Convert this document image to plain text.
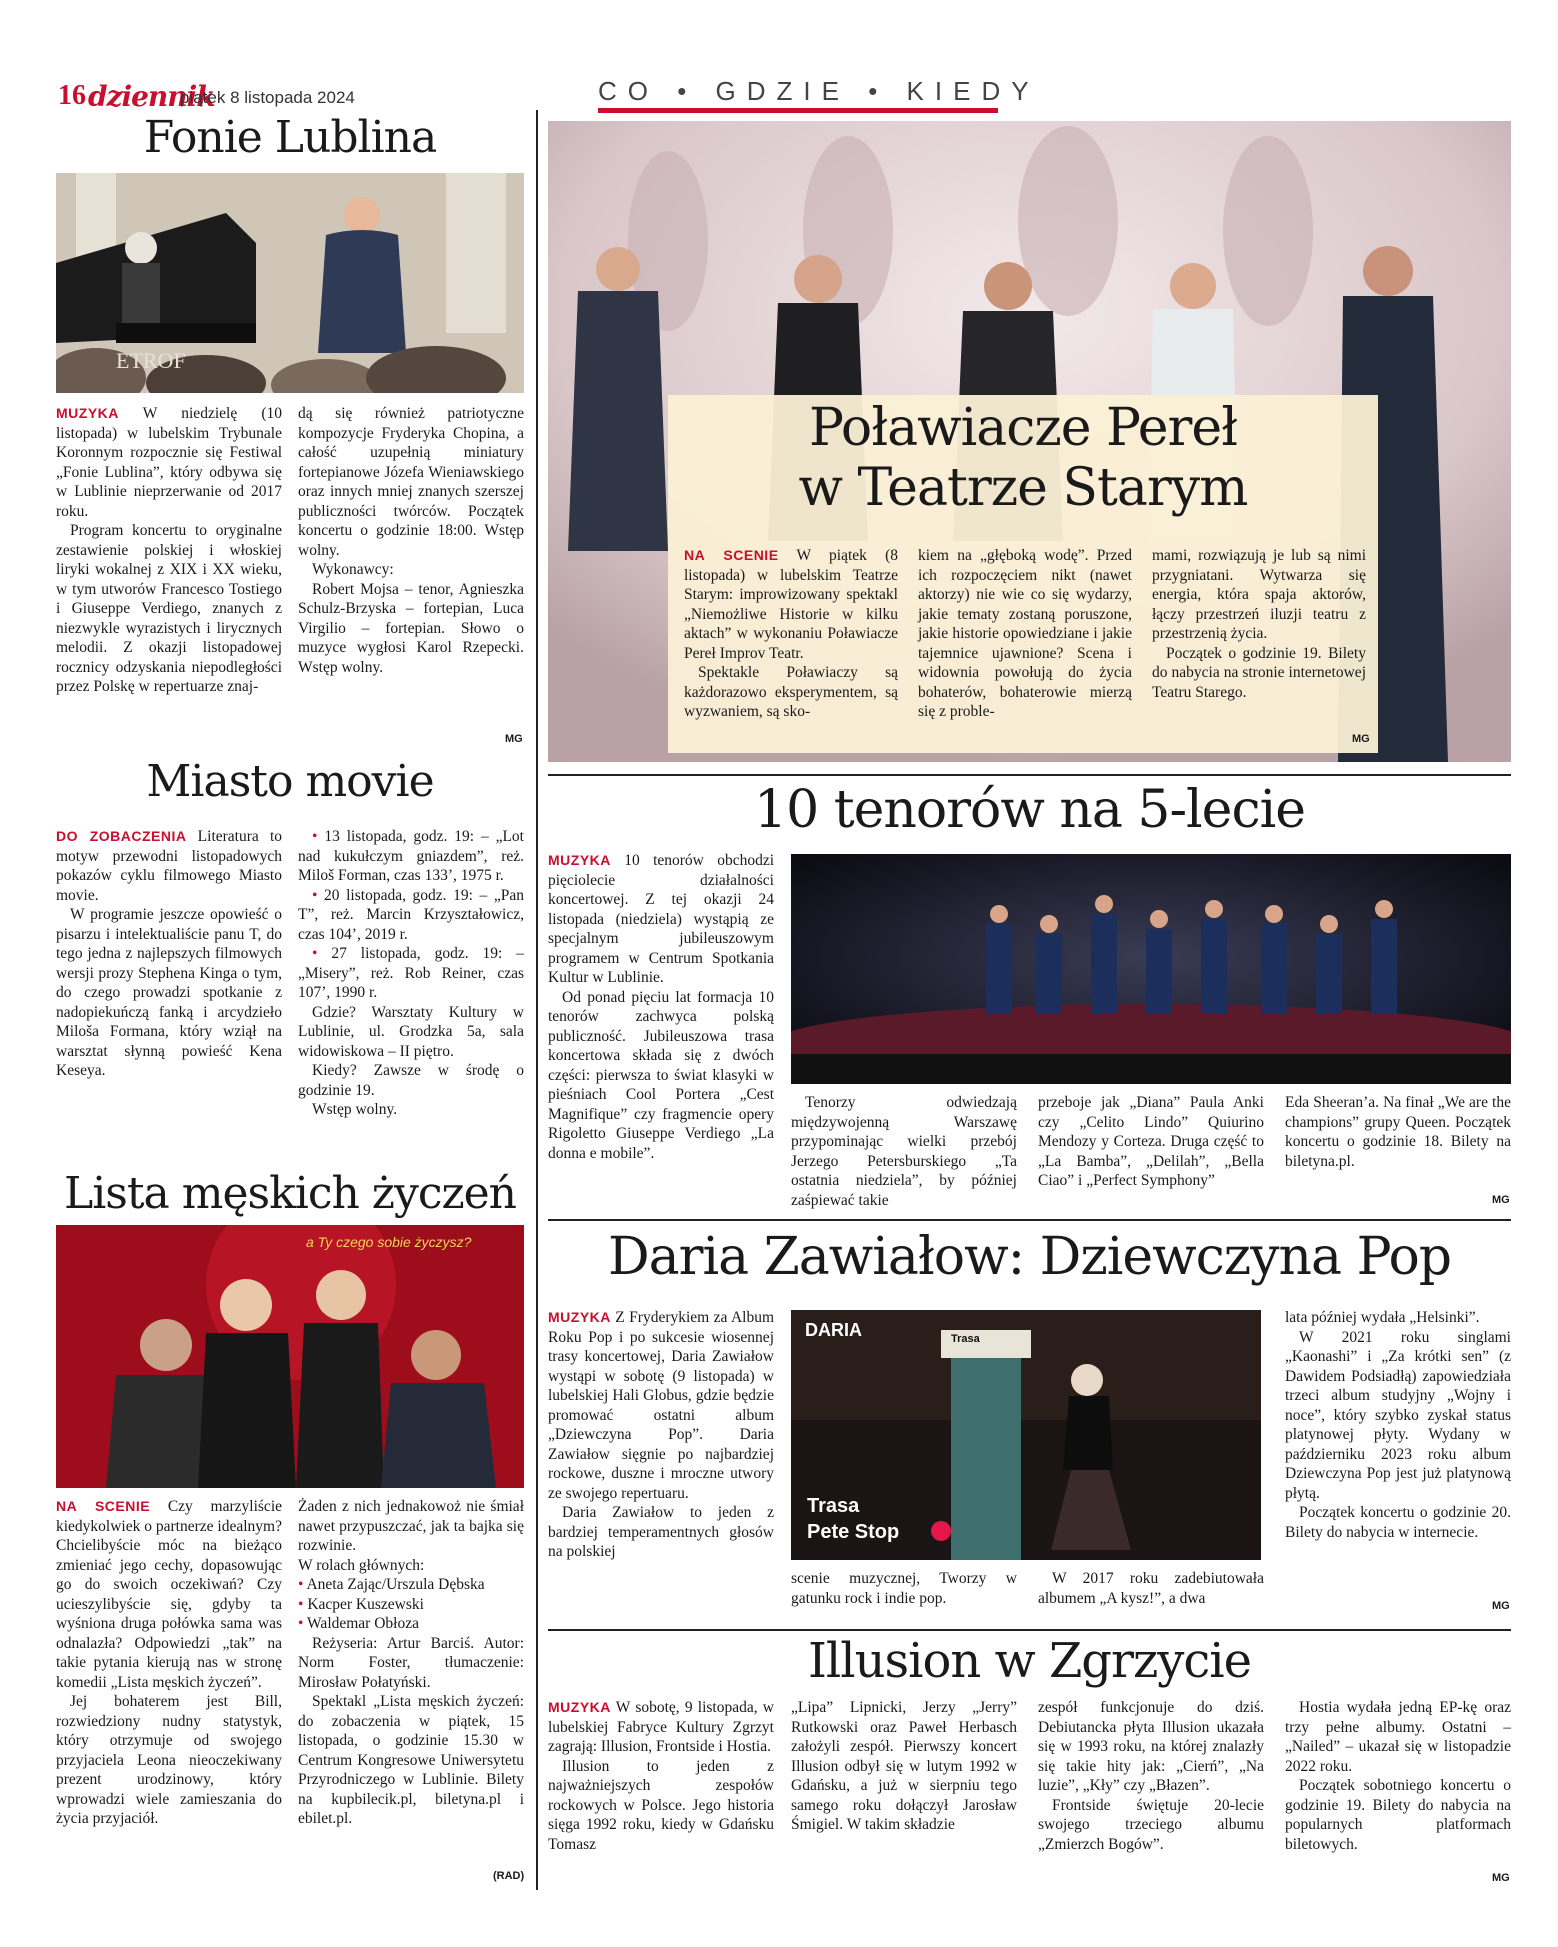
16 dziennik
piątek 8 listopada 2024	CO • GDZIE • KIEDY
Fonie Lublina
ETROF

MUZYKA W niedzielę (10 listopada) w lubelskim Trybunale Koronnym rozpocznie się Festiwal „Fonie Lublina”, który odbywa się w Lublinie nieprzerwanie od 2017 roku.

Program koncertu to oryginalne zestawienie polskiej i włoskiej liryki wokalnej z XIX i XX wieku, w tym utworów Francesco Tostiego i Giuseppe Verdiego, znanych z niezwykle wyrazistych i lirycznych melodii. Z okazji listopadowej rocznicy odzyskania niepodległości przez Polskę w repertuarze znaj-

dą się również patriotyczne kompozycje Fryderyka Chopina, a całość uzupełnią miniatury fortepianowe Józefa Wieniawskiego oraz innych mniej znanych szerszej publiczności twórców. Początek koncertu o godzinie 18:00. Wstęp wolny.

Wykonawcy:

Robert Mojsa – tenor, Agnieszka Schulz-Brzyska – fortepian, Luca Virgilio – fortepian. Słowo o muzyce wygłosi Karol Rzepecki. Wstęp wolny.

MG
Poławiacze Pereł
w Teatrze Starym

NA SCENIE W piątek (8 listopada) w lubelskim Teatrze Starym: improwizowany spektakl „Niemożliwe Historie w kilku aktach” w wykonaniu Poławiacze Pereł Improv Teatr.

Spektakle Poławiaczy są każdorazowo eksperymentem, są wyzwaniem, są sko-

kiem na „głęboką wodę”. Przed ich rozpoczęciem nikt (nawet aktorzy) nie wie co się wydarzy, jakie tematy zostaną poruszone, jakie historie opowiedziane i jakie tajemnice ujawnione? Scena i widownia powołują do życia bohaterów, bohaterowie mierzą się z proble-

mami, rozwiązują je lub są nimi przygniatani. Wytwarza się energia, która spaja aktorów, łączy przestrzeń iluzji teatru z przestrzenią życia.

Początek o godzinie 19. Bilety do nabycia na stronie internetowej Teatru Starego.

MG
Miasto movie

DO ZOBACZENIA Literatura to motyw przewodni listopadowych pokazów cyklu filmowego Miasto movie.

W programie jeszcze opowieść o pisarzu i intelektualiście panu T, do tego jedna z najlepszych filmowych wersji prozy Stephena Kinga o tym, do czego prowadzi spotkanie z nadopiekuńczą fanką i arcydzieło Miloša Formana, który wziął na warsztat słynną powieść Kena Keseya.

• 13 listopada, godz. 19: – „Lot nad kukułczym gniazdem”, reż. Miloš Forman, czas 133’, 1975 r.

• 20 listopada, godz. 19: – „Pan T”, reż. Marcin Krzyształowicz, czas 104’, 2019 r.

• 27 listopada, godz. 19: – „Misery”, reż. Rob Reiner, czas 107’, 1990 r.

Gdzie? Warsztaty Kultury w Lublinie, ul. Grodzka 5a, sala widowiskowa – II piętro.

Kiedy? Zawsze w środę o godzinie 19.

Wstęp wolny.

10 tenorów na 5-lecie

MUZYKA 10 tenorów obchodzi pięciolecie działalności koncertowej. Z tej okazji 24 listopada (niedziela) wystąpią ze specjalnym jubileuszowym programem w Centrum Spotkania Kultur w Lublinie.

Od ponad pięciu lat formacja 10 tenorów zachwyca polską publiczność. Jubileuszowa trasa koncertowa składa się z dwóch części: pierwsza to świat klasyki w pieśniach Cool Portera „Cest Magnifique” czy fragmencie opery Rigoletto Giuseppe Verdiego „La donna e mobile”.

Tenorzy odwiedzają międzywojenną Warszawę przypominając wielki przebój Jerzego Petersburskiego „Ta ostatnia niedziela”, by później zaśpiewać takie

przeboje jak „Diana” Paula Anki czy „Celito Lindo” Quiurino Mendozy y Corteza. Druga część to „La Bamba”, „Delilah”, „Bella Ciao” i „Perfect Symphony”

Eda Sheeran’a. Na finał „We are the champions” grupy Queen. Początek koncertu o godzinie 18. Bilety na biletyna.pl.

MG
Lista męskich życzeń
a Ty czego sobie życzysz?

NA SCENIE Czy marzyliście kiedykolwiek o partnerze idealnym? Chcielibyście móc na bieżąco zmieniać jego cechy, dopasowując go do swoich oczekiwań? Czy ucieszylibyście się, gdyby ta wyśniona druga połówka sama was odnalazła? Odpowiedzi „tak” na takie pytania kierują nas w stronę komedii „Lista męskich życzeń”.

Jej bohaterem jest Bill, rozwiedziony nudny statystyk, który otrzymuje od swojego przyjaciela Leona nieoczekiwany prezent urodzinowy, który wprowadzi wiele zamieszania do życia przyjaciół.

Żaden z nich jednakowoż nie śmiał nawet przypuszczać, jak ta bajka się rozwinie.

W rolach głównych:

• Aneta Zając/Urszula Dębska

• Kacper Kuszewski

• Waldemar Obłoza

Reżyseria: Artur Barciś. Autor: Norm Foster, tłumaczenie: Mirosław Połatyński.

Spektakl „Lista męskich życzeń: do zobaczenia w piątek, 15 listopada, o godzinie 15.30 w Centrum Kongresowe Uniwersytetu Przyrodniczego w Lublinie. Bilety na kupbilecik.pl, biletyna.pl i ebilet.pl.

(RAD)
Daria Zawiałow: Dziewczyna Pop

MUZYKA Z Fryderykiem za Album Roku Pop i po sukcesie wiosennej trasy koncertowej, Daria Zawiałow wystąpi w sobotę (9 listopada) w lubelskiej Hali Globus, gdzie będzie promować ostatni album „Dziewczyna Pop”. Daria Zawiałow sięgnie po najbardziej rockowe, duszne i mroczne utwory ze swojego repertuaru.

Daria Zawiałow to jeden z bardziej temperamentnych głosów na polskiej

Trasa
DARIA
Trasa
Pete Stop

scenie muzycznej, Tworzy w gatunku rock i indie pop.

W 2017 roku zadebiutowała albumem „A kysz!”, a dwa

lata później wydała „Helsinki”.

W 2021 roku singlami „Kaonashi” i „Za krótki sen” (z Dawidem Podsiadłą) zapowiedziała trzeci album studyjny „Wojny i noce”, który szybko zyskał status platynowej płyty. Wydany w październiku 2023 roku album Dziewczyna Pop jest już platynową płytą.

Początek koncertu o godzinie 20. Bilety do nabycia w internecie.

MG
Illusion w Zgrzycie

MUZYKA W sobotę, 9 listopada, w lubelskiej Fabryce Kultury Zgrzyt zagrają: Illusion, Frontside i Hostia.

Illusion to jeden z najważniejszych zespołów rockowych w Polsce. Jego historia sięga 1992 roku, kiedy w Gdańsku Tomasz

„Lipa” Lipnicki, Jerzy „Jerry” Rutkowski oraz Paweł Herbasch założyli zespół. Pierwszy koncert Illusion odbył się w lutym 1992 w Gdańsku, a już w sierpniu tego samego roku dołączył Jarosław Śmigiel. W takim składzie

zespół funkcjonuje do dziś. Debiutancka płyta Illusion ukazała się w 1993 roku, na której znalazły się takie hity jak: „Cierń”, „Na luzie”, „Kły” czy „Błazen”.

Frontside świętuje 20-lecie swojego trzeciego albumu „Zmierzch Bogów”.

Hostia wydała jedną EP-kę oraz trzy pełne albumy. Ostatni – „Nailed” – ukazał się w listopadzie 2022 roku.

Początek sobotniego koncertu o godzinie 19. Bilety do nabycia na popularnych platformach biletowych.

MG
